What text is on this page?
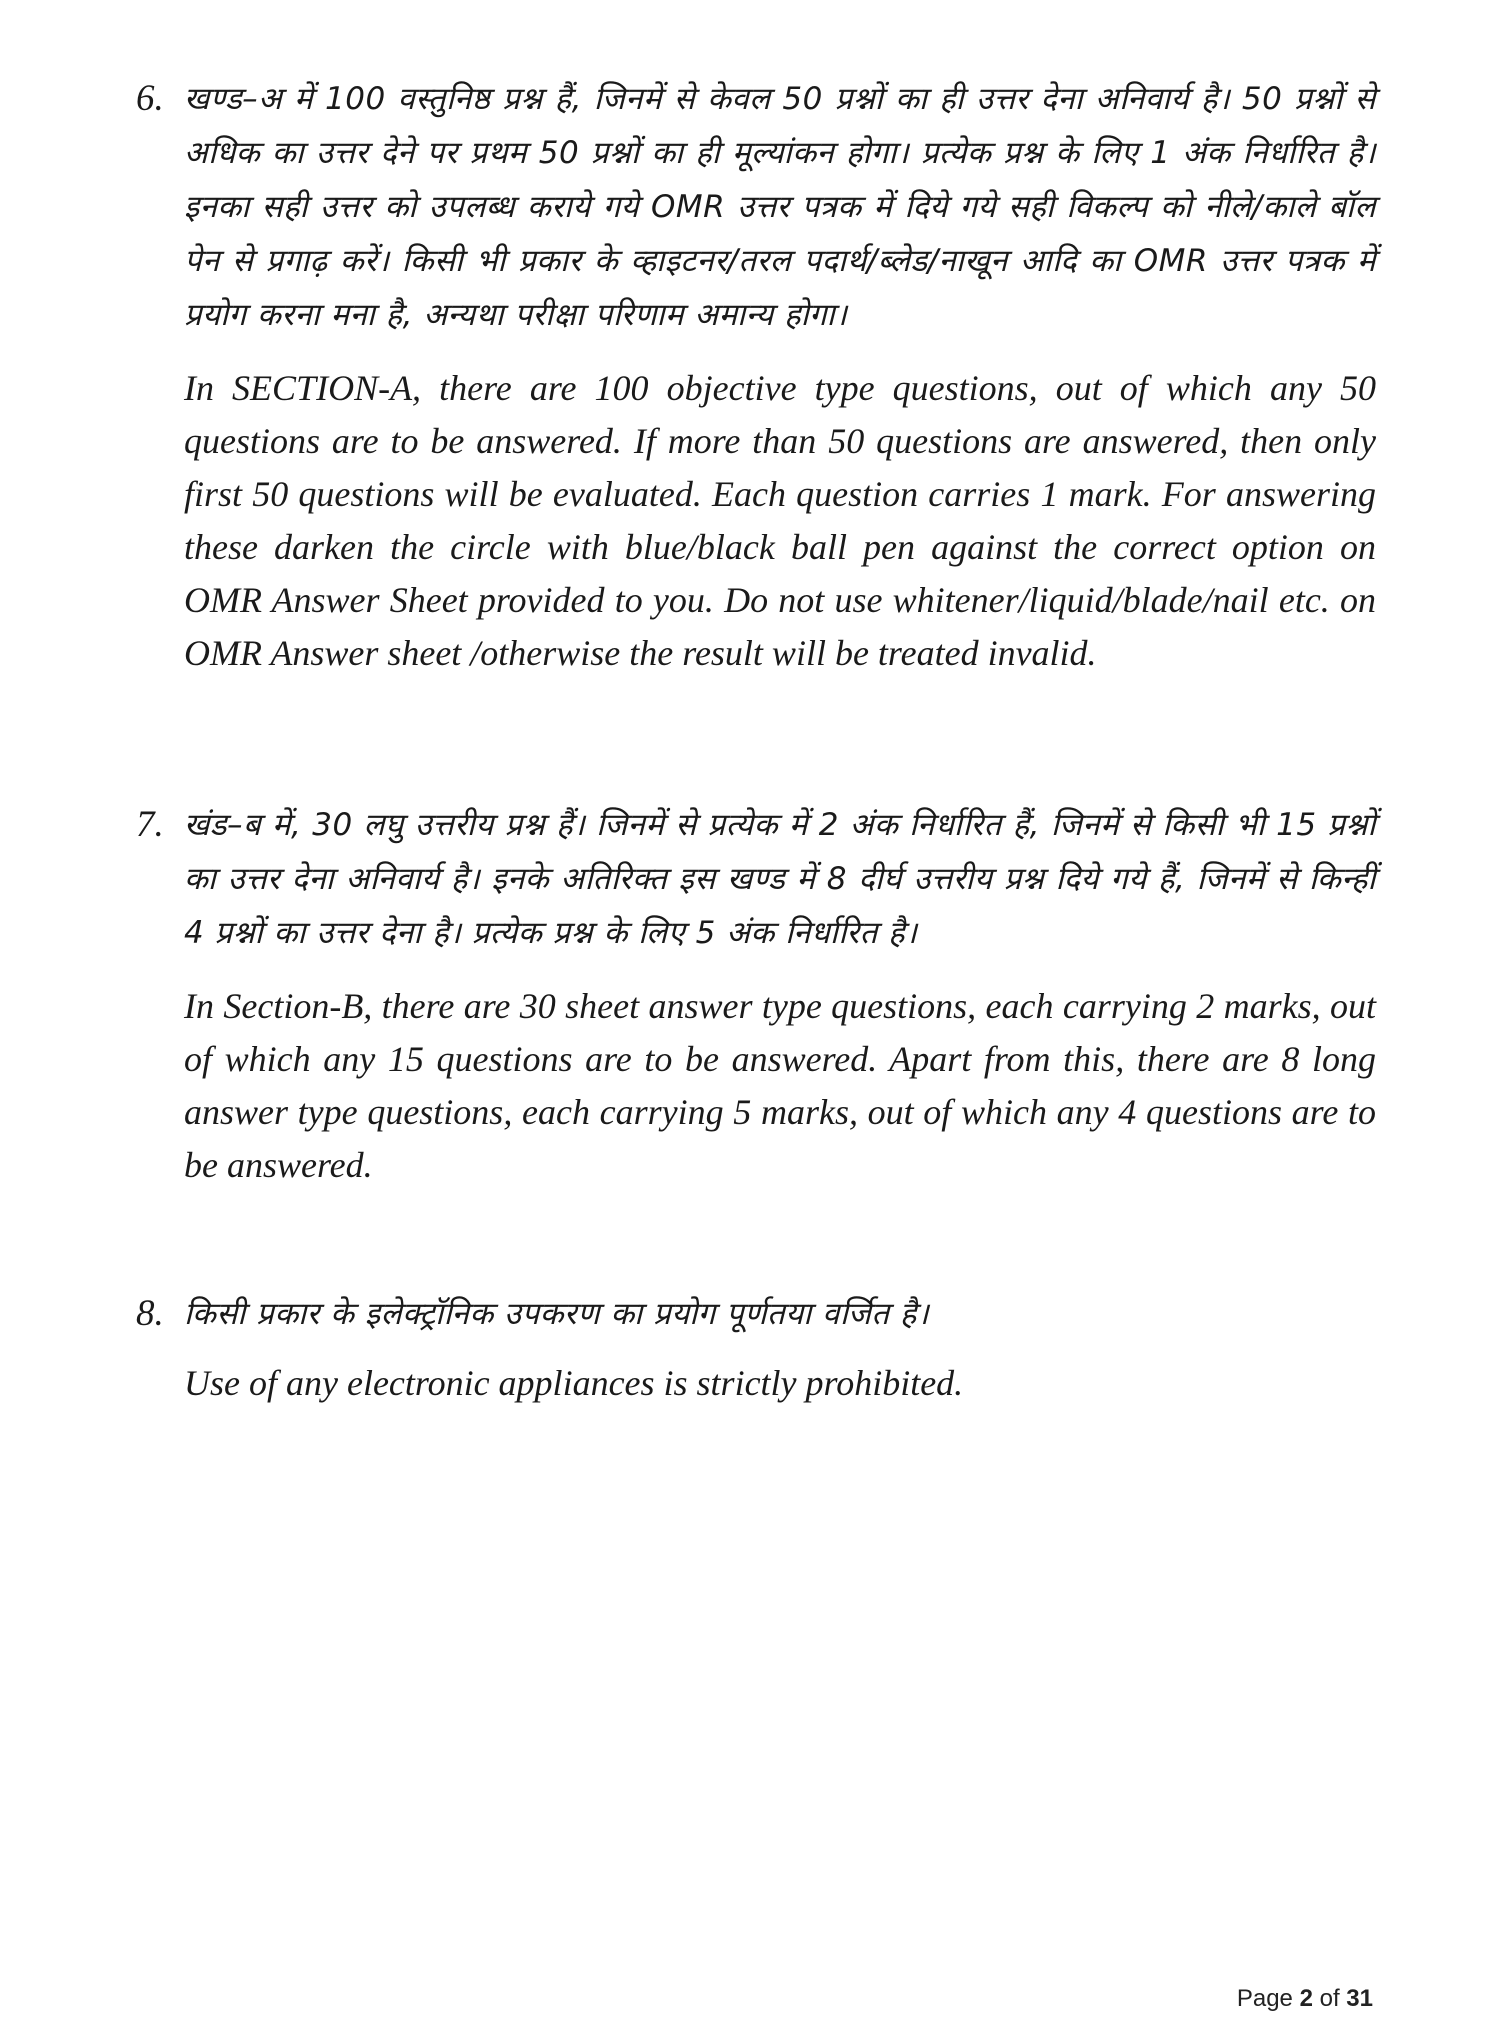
6. खण्ड–अ में 100 वस्तुनिष्ठ प्रश्न हैं, जिनमें से केवल 50 प्रश्नों का ही उत्तर देना अनिवार्य है। 50 प्रश्नों से अधिक का उत्तर देने पर प्रथम 50 प्रश्नों का ही मूल्यांकन होगा। प्रत्येक प्रश्न के लिए 1 अंक निर्धारित है। इनका सही उत्तर को उपलब्ध कराये गये OMR उत्तर पत्रक में दिये गये सही विकल्प को नीले/काले बॉल पेन से प्रगाढ़ करें। किसी भी प्रकार के व्हाइटनर/तरल पदार्थ/ब्लेड/नाखून आदि का OMR उत्तर पत्रक में प्रयोग करना मना है, अन्यथा परीक्षा परिणाम अमान्य होगा।

In SECTION-A, there are 100 objective type questions, out of which any 50 questions are to be answered. If more than 50 questions are answered, then only first 50 questions will be evaluated. Each question carries 1 mark. For answering these darken the circle with blue/black ball pen against the correct option on OMR Answer Sheet provided to you. Do not use whitener/liquid/blade/nail etc. on OMR Answer sheet /otherwise the result will be treated invalid.

7. खंड–ब में, 30 लघु उत्तरीय प्रश्न हैं। जिनमें से प्रत्येक में 2 अंक निर्धारित हैं, जिनमें से किसी भी 15 प्रश्नों का उत्तर देना अनिवार्य है। इनके अतिरिक्त इस खण्ड में 8 दीर्घ उत्तरीय प्रश्न दिये गये हैं, जिनमें से किन्हीं 4 प्रश्नों का उत्तर देना है। प्रत्येक प्रश्न के लिए 5 अंक निर्धारित है।

In Section-B, there are 30 sheet answer type questions, each carrying 2 marks, out of which any 15 questions are to be answered. Apart from this, there are 8 long answer type questions, each carrying 5 marks, out of which any 4 questions are to be answered.

8. किसी प्रकार के इलेक्ट्रॉनिक उपकरण का प्रयोग पूर्णतया वर्जित है।

Use of any electronic appliances is strictly prohibited.

Page 2 of 31
